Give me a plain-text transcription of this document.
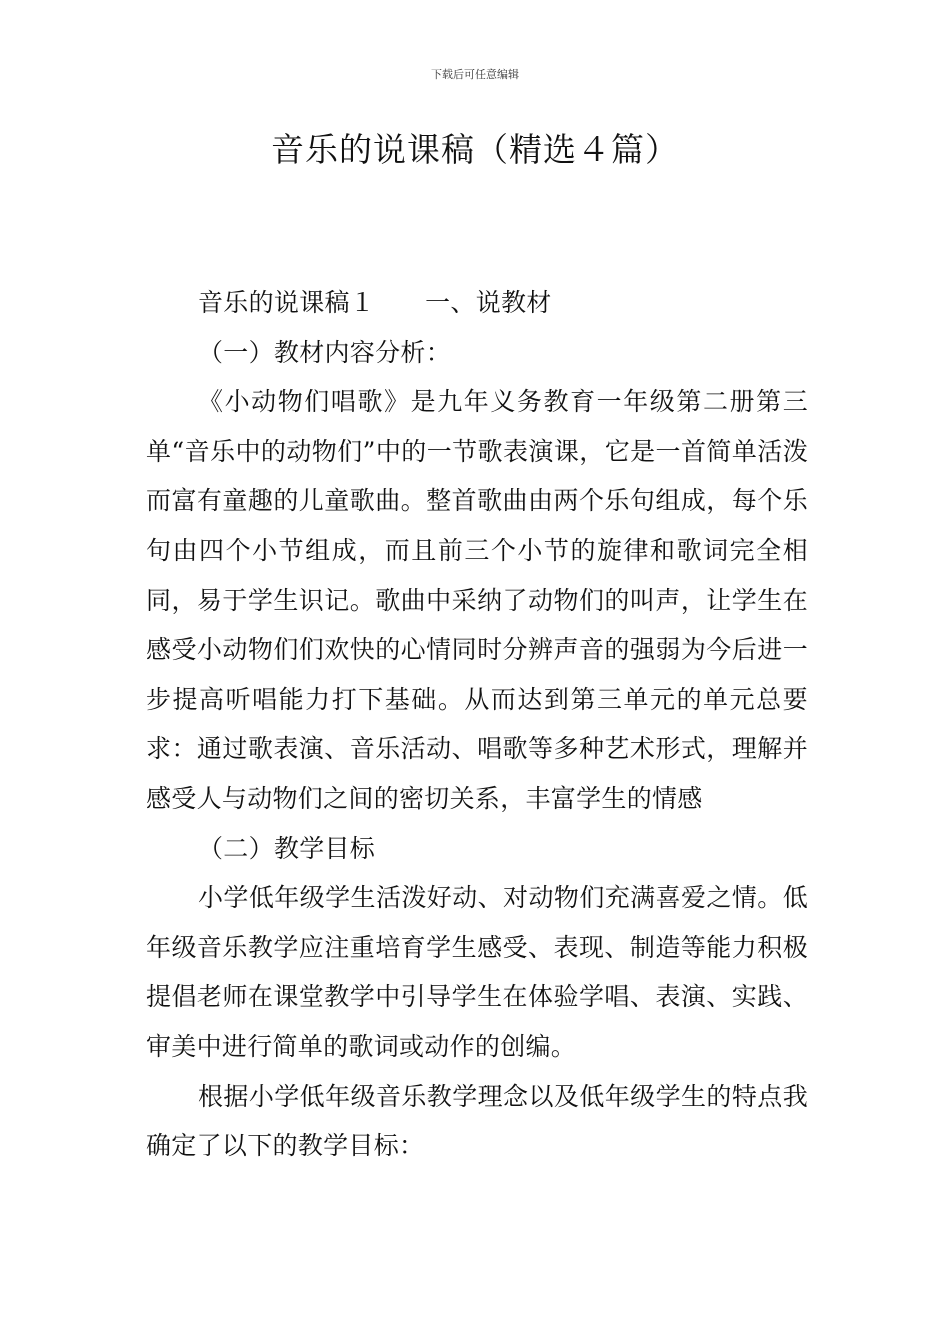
下载后可任意编辑
音乐的说课稿（精选４篇）

音乐的说课稿１ 一、说教材

（一）教材内容分析：

《小动物们唱歌》是九年义务教育一年级第二册第三单“音乐中的动物们”中的一节歌表演课，它是一首简单活泼而富有童趣的儿童歌曲。整首歌曲由两个乐句组成，每个乐句由四个小节组成，而且前三个小节的旋律和歌词完全相同，易于学生识记。歌曲中采纳了动物们的叫声，让学生在感受小动物们们欢快的心情同时分辨声音的强弱为今后进一步提高听唱能力打下基础。从而达到第三单元的单元总要求：通过歌表演、音乐活动、唱歌等多种艺术形式，理解并感受人与动物们之间的密切关系，丰富学生的情感

（二）教学目标

小学低年级学生活泼好动、对动物们充满喜爱之情。低年级音乐教学应注重培育学生感受、表现、制造等能力积极提倡老师在课堂教学中引导学生在体验学唱、表演、实践、审美中进行简单的歌词或动作的创编。

根据小学低年级音乐教学理念以及低年级学生的特点我确定了以下的教学目标：
